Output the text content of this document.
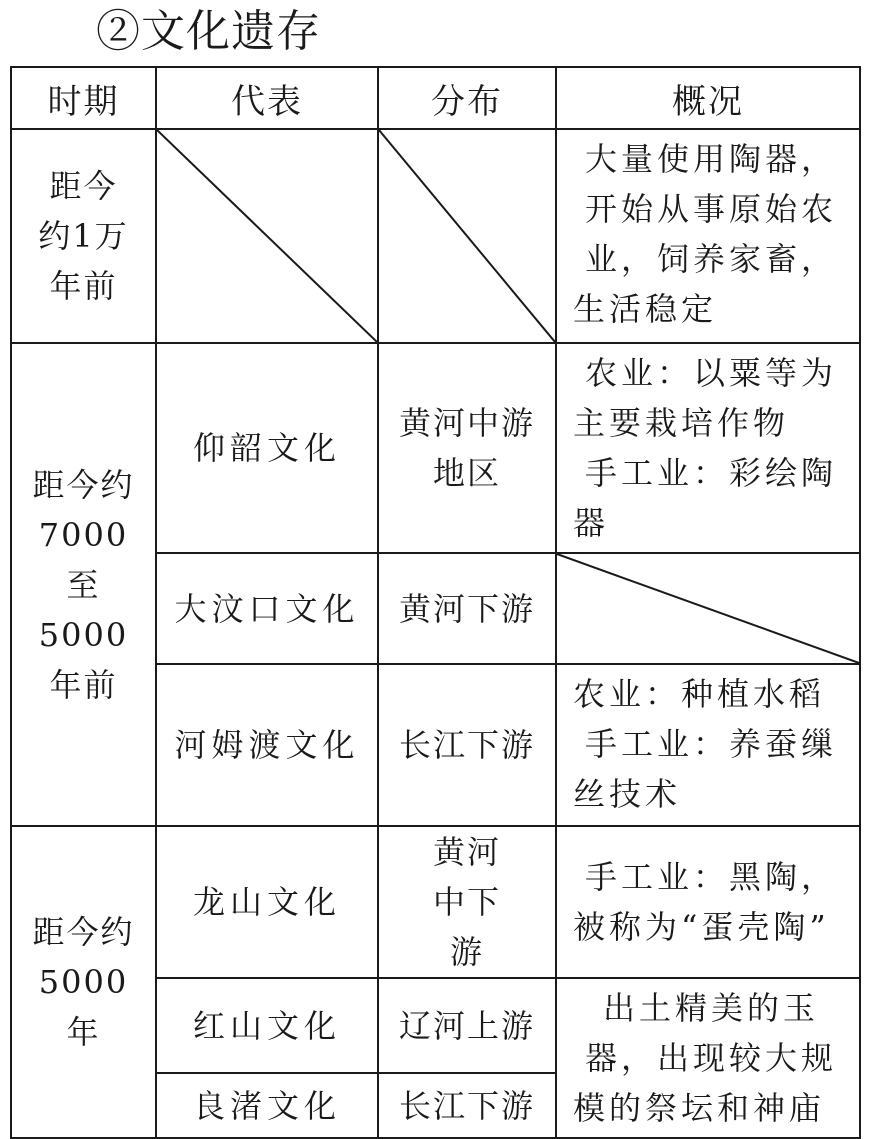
②文化遗存
时期	代表	分布	概况

距今约1万年前			大量使用陶器，开始从事原始农业，饲养家畜，生活稳定

距今约7000至5000年前	仰韶文化	黄河中游地区	农业：以粟等为主要栽培作物
手工业：彩绘陶器

	大汶口文化	黄河下游	

	河姆渡文化	长江下游	农业：种植水稻
手工业：养蚕缫丝技术

距今约5000年	龙山文化	黄河中下游	手工业：黑陶，被称为“蛋壳陶”
	红山文化	辽河上游	出土精美的玉器，出现较大规模的祭坛和神庙
	良渚文化	长江下游	
